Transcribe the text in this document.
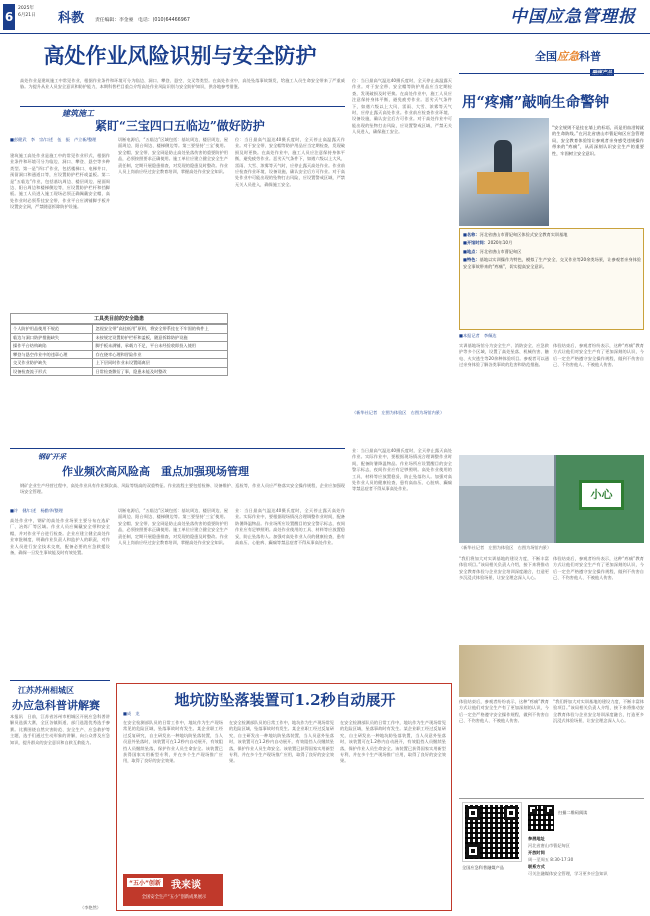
6
2025年
6月21日 科教 责任编辑：李金豪　电话：(010)64466967	中国应急管理报
高处作业风险识别与安全防护
高处作业是建筑施工中常见作业，根据作业条件和环境可分为临边、洞口、攀登、悬空、交叉等类型。在高处作业中，高处坠落事故频发，给施工人员生命安全带来了严重威胁。为提升从业人员安全意识和防护能力，本期科普栏目重点介绍高处作业风险识别与安全防护知识，供各地参考借鉴。
建筑施工
紧盯“三宝四口五临边”做好防护
■彭健武　李　宗/口述　伍　振　卢立新/整理
建筑施工高处作业是施工中的常见作业形式，根据作业条件和环境可分为临边、洞口、攀登、悬空等多种类型。第一是“四口”作业，包括楼梯口、电梯井口、预留洞口和通道口等，应设置防护栏杆或盖板。第二是“五临边”作业，包括基坑周边、楼层周边、屋面周边、阳台周边和楼梯侧边等，应设置防护栏杆和挡脚板。施工人员进入施工现场必须正确佩戴安全帽，高处作业时必须系挂安全带，作业平台应满铺脚手板并设置安全网，严禁随意拆除防护设施。
切断电源后，“五临边”区域包括：基坑周边、楼层周边、屋面周边、阳台周边、楼梯侧边等。第三要坚持‘三宝’使用。安全帽、安全带、安全网是防止高处坠落伤害的重要防护用品，必须按照要求正确使用。施工单位应建立健全安全生产责任制，定期开展隐患排查，对发现的隐患及时整改。作业人员上岗前应经过安全教育培训，掌握高处作业安全知识。
位：当日最高气温达40摄氏度时，全天停止高温露天作业。对于安全带、安全帽等防护用品应当定期检查，发现破损及时更换。在高处作业中，施工人员应注意保持身体平衡，避免疲劳作业。恶劣天气条件下，如遇六级以上大风、雷雨、大雪、浓雾等天气时，应停止露天高处作业。作业前应检查作业环境、设备设施，确认安全后方可作业。对于高处作业中可能出现的坠物打击风险，应设置警戒区域，严禁无关人员进入，确保施工安全。
工具类目前的安全隐患
个人防护用品使用不规范	忽视安全带“高挂低用”原则，将安全带系挂在不牢固的构件上
临边与洞口防护措施缺失	未按规定设置防护栏杆和盖板，随意拆除防护设施
操作平台结构缺陷	脚手板未满铺，承载力不足，平台未经验收即投入使用
攀登与悬空作业中的违章心理	存在侥幸心理和冒险作业
交叉作业防护缺失	上下层同时作业未设置隔离层
设备检查流于形式	日常检查敷衍了事，隐患未能及时整改
钢矿开采
作业频次高风险高　重点加强现场管理
钢矿企业生产经营过程中，高处作业具有作业频次高、风险等级高的双重特征。作业流程主要包括检修、设备维护、巡检等，作业人员应严格落实安全操作规程，企业应加强现场安全管理。
■许　健/口述　杨勤华/整理
高处作业中，钢矿的高处作业场景主要分布在选矿厂、冶炼厂等区域。作业人员应佩戴安全带和安全帽，并对作业平台进行检查。企业应建立健全高处作业审批制度，明确作业负责人和监护人的职责，对作业人员进行安全技术交底，配备必要的应急救援设备，确保一旦发生事故能及时有效处置。
切断电源后，“五临边”区域包括：基坑周边、楼层周边、屋面周边、阳台周边、楼梯侧边等。第三要坚持‘三宝’使用。安全帽、安全带、安全网是防止高处坠落伤害的重要防护用品，必须按照要求正确使用。施工单位应建立健全安全生产责任制，定期开展隐患排查，对发现的隐患及时整改。作业人员上岗前应经过安全教育培训，掌握高处作业安全知识。
业：当日最高气温达40摄氏度时，全天停止露天高处作业。实际作业中，要根据现场情况合理调整作业时间，配备防暑降温物品。作业场所应设置醒目的安全警示标志，夜间作业应有足够照明。高处作业使用的工具、材料等应放置稳妥，防止坠落伤人。加强对高处作业人员的健康检查，患有高血压、心脏病、癫痫等禁忌症者不得从事高处作业。
位：当日最高气温达40摄氏度时，全天停止高温露天作业。对于安全带、安全帽等防护用品应当定期检查，发现破损及时更换。在高处作业中，施工人员应注意保持身体平衡，避免疲劳作业。恶劣天气条件下，如遇六级以上大风、雷雨、大雪、浓雾等天气时，应停止露天高处作业。作业前应检查作业环境、设备设施，确认安全后方可作业。对于高处作业中可能出现的坠物打击风险，应设置警戒区域，严禁无关人员进入，确保施工安全。
（新华社记者　左图为体验区　右图为场馆内景）
业：当日最高气温达40摄氏度时，全天停止露天高处作业。实际作业中，要根据现场情况合理调整作业时间，配备防暑降温物品。作业场所应设置醒目的安全警示标志，夜间作业应有足够照明。高处作业使用的工具、材料等应放置稳妥，防止坠落伤人。加强对高处作业人员的健康检查，患有高血压、心脏病、癫痫等禁忌症者不得从事高处作业。
江苏苏州相城区
办应急科普讲解赛
本报讯　日前，江苏省苏州市相城区开展应急科普讲解员选拔大赛，全区各镇街道、部门选派优秀选手参赛。比赛围绕自然灾害防范、安全生产、应急救护等主题，选手们通过生动形象的讲解，向公众普及应急知识，提升群众的安全意识和自救互救能力。
（李艳然）
地坑防坠落装置可1.2秒自动展开
■成　龙
在安全检测部队员的日常工作中，地坑作为生产现场常见的危险区域，坠落事故时有发生。某企业职工经过反复研究，自主研发出一种地坑防坠落装置，当人员意外坠落时，该装置可在1.2秒内自动展开，有效阻挡人员继续坠落，保护作业人员生命安全。该装置已获得国家实用新型专利，并在多个生产现场推广应用，取得了良好的安全效果。
在安全检测部队员的日常工作中，地坑作为生产现场常见的危险区域，坠落事故时有发生。某企业职工经过反复研究，自主研发出一种地坑防坠落装置，当人员意外坠落时，该装置可在1.2秒内自动展开，有效阻挡人员继续坠落，保护作业人员生命安全。该装置已获得国家实用新型专利，并在多个生产现场推广应用，取得了良好的安全效果。
在安全检测部队员的日常工作中，地坑作为生产现场常见的危险区域，坠落事故时有发生。某企业职工经过反复研究，自主研发出一种地坑防坠落装置，当人员意外坠落时，该装置可在1.2秒内自动展开，有效阻挡人员继续坠落，保护作业人员生命安全。该装置已获得国家实用新型专利，并在多个生产现场推广应用，取得了良好的安全效果。
“五小”创新 我来谈
全国安全生产“五小”创新成果展示
全国应急科普
用“疼痛”敲响生命警钟
“安全规则不是挂在墙上的标语，而是用血泪铸就的生命防线。”在河北省唐山市曹妃甸区应急管理局，安全教育体验馆让参观者亲身感受违规操作带来的“疼痛”，从而深刻认识安全生产的重要性，牢固树立安全意识。
■名称：河北省唐山市曹妃甸区体验式安全教育实训基地
■开馆时间：2020年10月
■地点：河北省唐山市曹妃甸区
■特色：基地以实训操作为特色，模拟了生产安全、交叉作业等20余类场景，让参观者亲身体验安全事故带来的“疼痛”，切实提高安全意识。
■本报记者　李佩达
实训基地场馆分为安全生产、消防安全、应急救护等多个区域，设置了高处坠落、机械伤害、触电、火灾逃生等20余种体验项目。参观者可以通过亲身体验了解各类事故的危害和防范措施。
体验结束后，参观者纷纷表示，这种“疼痛”教育方式让他们对安全生产有了更加深刻的认识，今后一定会严格遵守安全操作规程，做到不伤害自己、不伤害他人、不被他人伤害。
小心
（新华社记者　左图为体验区　右图为场馆内景）
“我们将加大对实训基地的建设力度，不断丰富体验项目。”该局相关负责人介绍，接下来将推动安全教育体验与企业安全培训深度融合，打造更多沉浸式体验场景，让安全理念深入人心。
体验结束后，参观者纷纷表示，这种“疼痛”教育方式让他们对安全生产有了更加深刻的认识，今后一定会严格遵守安全操作规程，做到不伤害自己、不伤害他人、不被他人伤害。
体验结束后，参观者纷纷表示，这种“疼痛”教育方式让他们对安全生产有了更加深刻的认识，今后一定会严格遵守安全操作规程，做到不伤害自己、不伤害他人、不被他人伤害。
“我们将加大对实训基地的建设力度，不断丰富体验项目。”该局相关负责人介绍，接下来将推动安全教育体验与企业安全培训深度融合，打造更多沉浸式体验场景，让安全理念深入人心。
扫描二维码阅读
全国应急科普融媒产品
参展地址
河北省唐山市曹妃甸区
开放时间
周一至周五 8:30-17:30
联系方式
可关注融媒体安全管理，学习更多应急知识
